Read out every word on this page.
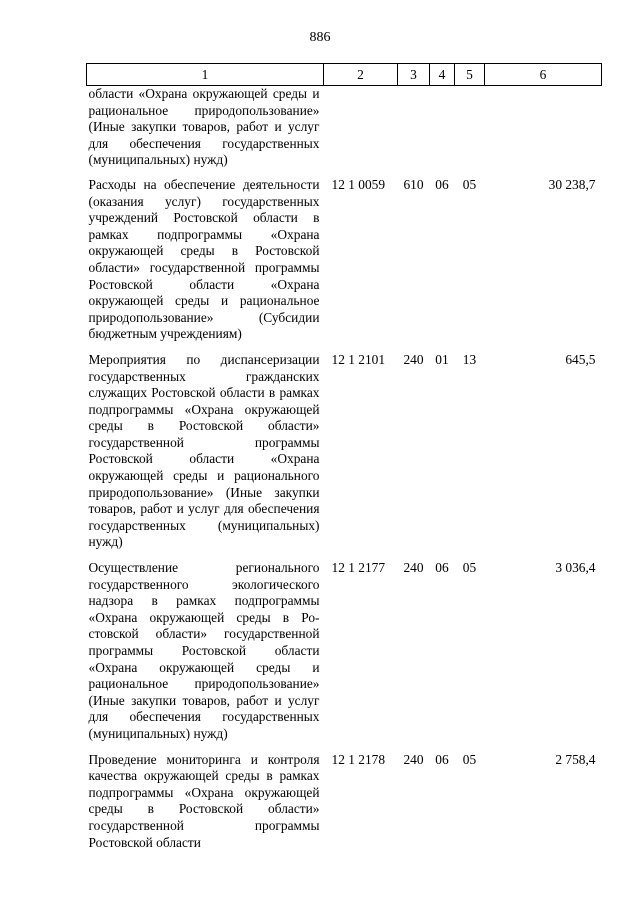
886
1	2	3	4	5	6
области «Охрана окружающей среды и рациональное природопользование» (Иные закупки товаров, работ и услуг для обеспечения государственных (муниципальных) нужд)					
Расходы на обеспечение деятельности (оказания услуг) государственных учреждений Ростовской области в рамках подпрограммы «Охрана окружающей среды в Ростовской области» государственной программы Ростовской области «Охрана окружающей среды и рациональное природопользование» (Субсидии бюджетным учреждениям)	12 1 0059	610	06	05	30 238,7
Мероприятия по диспансеризации государственных гражданских служащих Ростовской области в рамках подпрограммы «Охрана окружающей среды в Ростовской области» государственной программы Ростовской области «Охрана окружающей среды и рационального природопользование» (Иные закупки товаров, работ и услуг для обеспечения государственных (муниципальных) нужд)	12 1 2101	240	01	13	645,5
Осуществление регионального государственного экологического надзора в рамках подпрограммы «Охрана окружающей среды в Ростовской области» государственной программы Ростовской области «Охрана окружающей среды и рациональное природопользование» (Иные закупки товаров, работ и услуг для обеспечения государственных (муниципальных) нужд)	12 1 2177	240	06	05	3 036,4
Проведение мониторинга и контроля качества окружающей среды в рамках подпрограммы «Охрана окружающей среды в Ростовской области» государственной программы Ростовской области	12 1 2178	240	06	05	2 758,4
